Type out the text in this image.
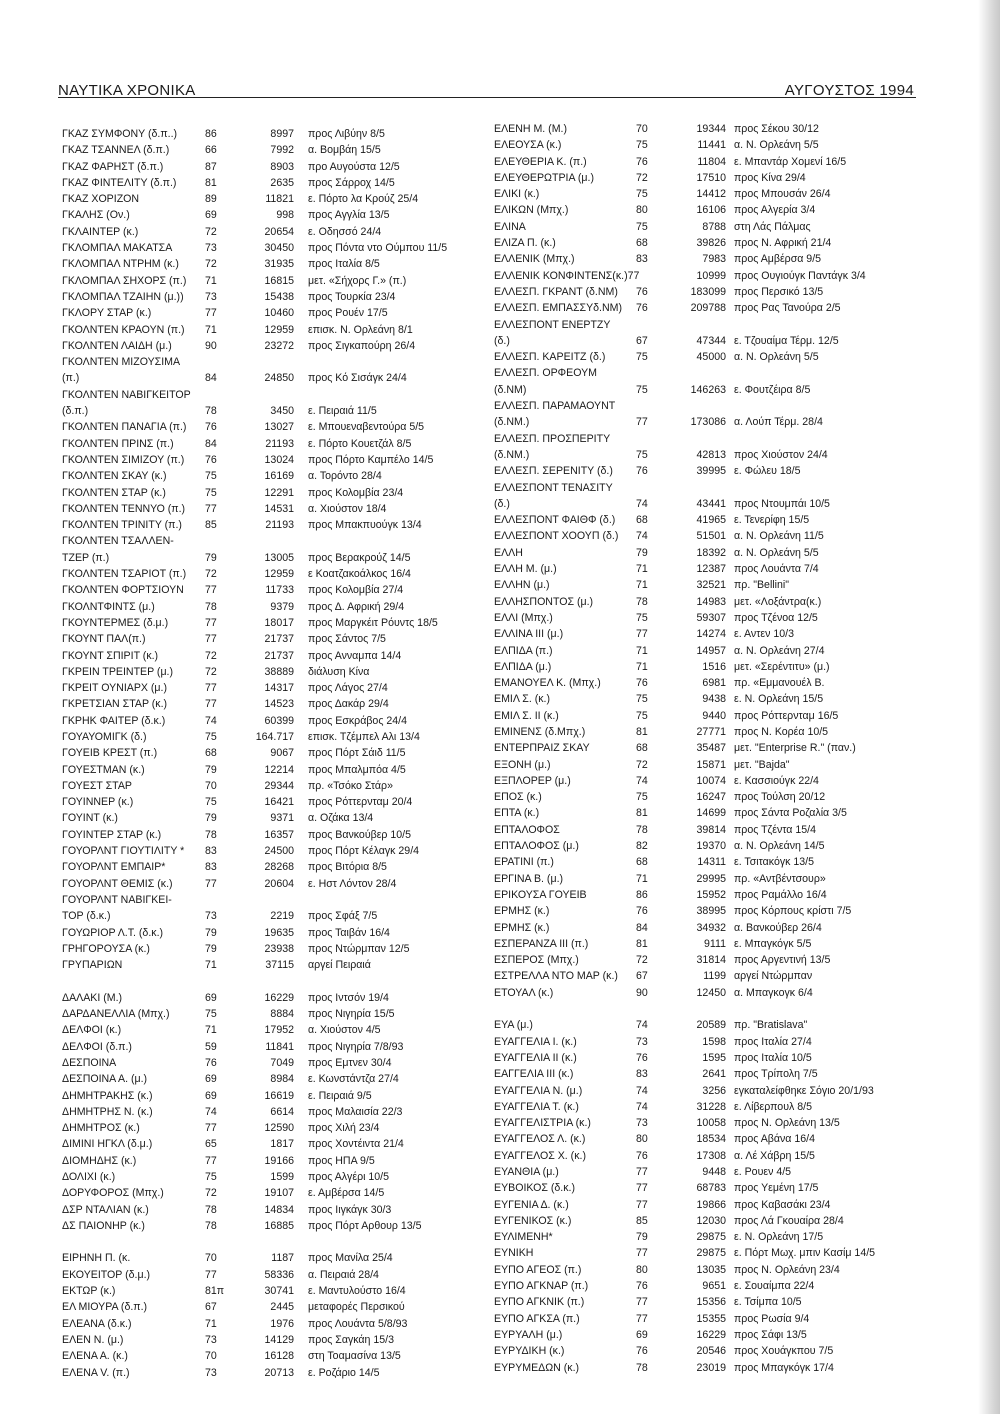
ΝΑΥΤΙΚΑ ΧΡΟΝΙΚΑ	ΑΥΓΟΥΣΤΟΣ 1994
ΓΚΑΖ ΣΥΜΦΟΝΥ (δ.π..)	86	8997 προς Λιβύην 8/5
ΓΚΑΖ ΤΣΑΝΝΕΛ (δ.π.)	66	7992 α. Βομβάη 15/5
ΓΚΑΖ ΦΑΡΗΣΤ (δ.π.)	87	8903 προ Αυγούστα 12/5
ΓΚΑΖ ΦΙΝΤΕΛΙΤΥ (δ.π.)	81	2635 προς Σάρροχ 14/5
ΓΚΑΖ ΧΟΡΙΖΟΝ	89	11821 ε. Πόρτο λα Κρούζ 25/4
ΓΚΑΛΗΣ (Ον.)	69	998 προς Αγγλία 13/5
ΓΚΛΑΙΝΤΕΡ (κ.)	72	20654 ε. Οδησσό 24/4
ΓΚΛΟΜΠΑΛ ΜΑΚΑΤΣΑ	73	30450 προς Πόντα ντο Ούμπου 11/5
ΓΚΛΟΜΠΑΛ ΝΤΡΗΜ (κ.) 72	31935 προς Ιταλία 8/5
ΓΚΛΟΜΠΑΛ ΣΗΧΟΡΣ (π.) 71	16815 μετ. «Σήχορς Γ.» (π.)
ΓΚΛΟΜΠΑΛ ΤΖΑΙΗΝ (μ.)) 73	15438 προς Τουρκία 23/4
ΓΚΛΟΡΥ ΣΤΑΡ (κ.)	77	10460 προς Ρουέν 17/5
ΓΚΟΛΝΤΕΝ ΚΡΑΟΥΝ (π.) 71	12959 επισκ. Ν. Ορλεάνη 8/1
ΓΚΟΛΝΤΕΝ ΛΑΙΔΗ (μ.)	90	23272 προς Σιγκαπούρη 26/4
ΓΚΟΛΝΤΕΝ ΜΙΖΟΥΣΙΜΑ
(π.)	84	24850 προς Κό Σισάγκ 24/4
ΓΚΟΛΝΤΕΝ ΝΑΒΙΓΚΕΙΤΟΡ
(δ.π.)	78	3450 ε. Πειραιά 11/5
ΓΚΟΛΝΤΕΝ ΠΑΝΑΓΙΑ (π.) 76	13027 ε. Μπουεναβεντούρα 5/5
ΓΚΟΛΝΤΕΝ ΠΡΙΝΣ (π.)	84	21193 ε. Πόρτο Κουετζάλ 8/5
ΓΚΟΛΝΤΕΝ ΣΙΜΙΖΟΥ (π.) 76	13024 προς Πόρτο Καμπέλο 14/5
ΓΚΟΛΝΤΕΝ ΣΚΑΥ (κ.)	75	16169 α. Τορόντο 28/4
ΓΚΟΛΝΤΕΝ ΣΤΑΡ (κ.)	75	12291 προς Κολομβία 23/4
ΓΚΟΛΝΤΕΝ ΤΕΝΝΥΟ (π.) 77	14531 α. Χιούστον 18/4
ΓΚΟΛΝΤΕΝ ΤΡΙΝΙΤΥ (π.) 85	21193 προς Μπακπυούγκ 13/4
ΓΚΟΛΝΤΕΝ ΤΣΑΛΛΕΝ-
ΤΖΕΡ (π.)	79	13005 προς Βερακρούζ 14/5
ΓΚΟΛΝΤΕΝ ΤΣΑΡΙΟΤ (π.) 72	12959 ε Κοατζακοάλκος 16/4
ΓΚΟΛΝΤΕΝ ΦΟΡΤΣΙΟΥΝ 77	11733 προς Κολομβία 27/4
ΓΚΟΛΝΤΦΙΝΤΣ (μ.)	78	9379 προς Δ. Αφρική 29/4
ΓΚΟΥΝΤΕΡΜΕΣ (δ.μ.)	77	18017 προς Μαργκέιτ Ρόυντς 18/5
ΓΚΟΥΝΤ ΠΑΛ(π.)	77	21737 προς Σάντος 7/5
ΓΚΟΥΝΤ ΣΠΙΡΙΤ (κ.)	72	21737 προς Ανναμπα 14/4
ΓΚΡΕΙΝ ΤΡΕΙΝΤΕΡ (μ.)	72	38889 διάλυση Κίνα
ΓΚΡΕΙΤ ΟΥΝΙΑΡΧ (μ.)	77	14317 προς Λάγος 27/4
ΓΚΡΕΤΣΙΑΝ ΣΤΑΡ (κ.)	77	14523 προς Δακάρ 29/4
ΓΚΡΗΚ ΦΑΙΤΕΡ (δ.κ.)	74	60399 προς Εσκράβος 24/4
ΓΟΥΑΥΟΜΙΓΚ (δ.)	75	164.717 επισκ. Τζέμπελ Αλι 13/4
ΓΟΥΕΙΒ ΚΡΕΣΤ (π.)	68	9067 προς Πόρτ Σάιδ 11/5
ΓΟΥΕΣΤΜΑΝ (κ.)	79	12214 προς Μπαλμπόα 4/5
ΓΟΥΕΣΤ ΣΤΑΡ	70	29344 πρ. «Τσόκο Στάρ»
ΓΟΥΙΝΝΕΡ (κ.)	75	16421 προς Ρόττερνταμ 20/4
ΓΟΥΙΝΤ (κ.)	79	9371 α. Οζάκα 13/4
ΓΟΥΙΝΤΕΡ ΣΤΑΡ (κ.)	78	16357 προς Βανκούβερ 10/5
ΓΟΥΟΡΛΝΤ ΓΙΟΥΤΙΛΙΤΥ * 83	24500 προς Πόρτ Κέλαγκ 29/4
ΓΟΥΟΡΛΝΤ ΕΜΠΑΙΡ*	83	28268 προς Βιτόρια 8/5
ΓΟΥΟΡΛΝΤ ΘΕΜΙΣ (κ.)	77	20604 ε. Ηστ Λόντον 28/4
ΓΟΥΟΡΛΝΤ ΝΑΒΙΓΚΕΙ-
ΤΟΡ (δ.κ.)	73	2219 προς Σφάξ 7/5
ΓΟΥΩΡΙΟΡ Λ.Τ. (δ.κ.)	79	19635 προς Ταιβάν 16/4
ΓΡΗΓΟΡΟΥΣΑ (κ.)	79	23938 προς Ντώρμπαν 12/5
ΓΡΥΠΑΡΙΩΝ	71	37115 αργεί Πειραιά
ΔΑΛΑΚΙ (Μ.)	69	16229 προς Ιντσόν 19/4
ΔΑΡΔΑΝΕΛΛΙΑ (Μπχ.)	75	8884 προς Νιγηρία 15/5
ΔΕΛΦΟΙ (κ.)	71	17952 α. Χιούστον 4/5
ΔΕΛΦΟΙ (δ.π.)	59	11841 προς Νιγηρία 7/8/93
ΔΕΣΠΟΙΝΑ	76	7049 προς Εμτνεν 30/4
ΔΕΣΠΟΙΝΑ Α. (μ.)	69	8984 ε. Κωνστάντζα 27/4
ΔΗΜΗΤΡΑΚΗΣ (κ.)	69	16619 ε. Πειραιά 9/5
ΔΗΜΗΤΡΗΣ Ν. (κ.)	74	6614 προς Μαλαισία 22/3
ΔΗΜΗΤΡΟΣ (κ.)	77	12590 προς Χιλή 23/4
ΔΙΜΙΝΙ ΗΓΚΛ (δ.μ.)	65	1817 προς Χοντέιντα 21/4
ΔΙΟΜΗΔΗΣ (κ.)	77	19166 προς ΗΠΑ 9/5
ΔΟΛΙΧΙ (κ.)	75	1599 προς Αλγέρι 10/5
ΔΟΡΥΦΟΡΟΣ (Μπχ.)	72	19107 ε. Αμβέρσα 14/5
ΔΣΡ ΝΤΑΛΙΑΝ (κ.)	78	14834 προς Ιιγκάγκ 30/3
ΔΣ ΠΑΙΟΝΗΡ (κ.)	78	16885 προς Πόρτ Αρθουρ 13/5
ΕΙΡΗΝΗ Π. (κ.	70	1187 προς Μανίλα 25/4
ΕΚΟΥΕΙΤΟΡ (δ.μ.)	77	58336 α. Πειραιά 28/4
ΕΚΤΩΡ (κ.)	81π	30741 ε. Μαντυλούστο 16/4
ΕΛ ΜΙΟΥΡΑ (δ.π.)	67	2445 μεταφορές Περσικού
ΕΛΕΑΝΑ (δ.κ.)	71	1976 προς Λουάντα 5/8/93
ΕΛΕΝ Ν. (μ.)	73	14129 προς Σαγκάη 15/3
ΕΛΕΝΑ Α. (κ.)	70	16128 στη Τοαμασίνα 13/5
ΕΛΕΝΑ V. (π.)	73	20713 ε. Ροζάριο 14/5
ΕΛΕΝΗ Μ. (Μ.)	70	19344 προς Σέκου 30/12
ΕΛΕΟΥΣΑ (κ.)	75	11441 α. Ν. Ορλεάνη 5/5
ΕΛΕΥΘΕΡΙΑ Κ. (π.)	76	11804 ε. Μπαντάρ Χομενί 16/5
ΕΛΕΥΘΕΡΩΤΡΙΑ (μ.)	72	17510 προς Κίνα 29/4
ΕΛΙΚΙ (κ.)	75	14412 προς Μπουσάν 26/4
ΕΛΙΚΩΝ (Μπχ.)	80	16106 προς Αλγερία 3/4
ΕΛΙΝΑ	75	8788 στη Λάς Πάλμας
ΕΛΙΖΑ Π. (κ.)	68	39826 προς Ν. Αφρική 21/4
ΕΛΛΕΝΙΚ (Μπχ.)	83	7983 προς Αμβέρσα 9/5
ΕΛΛΕΝΙΚ ΚΟΝΦΙΝΤΕΝΣ(κ.)77	10999 προς Ουγιούγκ Παντάγκ 3/4
ΕΛΛΕΣΠ. ΓΚΡΑΝΤ (δ.ΝΜ) 76	183099 προς Περσικό 13/5
ΕΛΛΕΣΠ. ΕΜΠΑΣΣΥδ.ΝΜ) 76	209788 προς Ρας Τανούρα 2/5
ΕΛΛΕΣΠΟΝΤ ΕΝΕΡΤΖΥ
(δ.)	67	47344 ε. Τζουαίμα Τέρμ. 12/5
ΕΛΛΕΣΠ. ΚΑΡΕΙΤΖ (δ.)	75	45000 α. Ν. Ορλεάνη 5/5
ΕΛΛΕΣΠ. ΟΡΦΕΟΥΜ
(δ.ΝΜ)	75	146263 ε. Φουτζέιρα 8/5
ΕΛΛΕΣΠ. ΠΑΡΑΜΑΟΥΝΤ
(δ.ΝΜ.)	77	173086 α. Λούπ Τέρμ. 28/4
ΕΛΛΕΣΠ. ΠΡΟΣΠΕΡΙΤΥ
(δ.ΝΜ.)	75	42813 προς Χιούστον 24/4
ΕΛΛΕΣΠ. ΣΕΡΕΝΙΤΥ (δ.) 76	39995 ε. Φώλευ 18/5
ΕΛΛΕΣΠΟΝΤ ΤΕΝΑΣΙΤΥ
(δ.)	74	43441 προς Ντουμπάι 10/5
ΕΛΛΕΣΠΟΝΤ ΦΑΙΘΦ (δ.) 68	41965 ε. Τενερίφη 15/5
ΕΛΛΕΣΠΟΝΤ ΧΟΟΥΠ (δ.) 74	51501 α. Ν. Ορλεάνη 11/5
ΕΛΛΗ	79	18392 α. Ν. Ορλεάνη 5/5
ΕΛΛΗ Μ. (μ.)	71	12387 προς Λουάντα 7/4
ΕΛΛΗΝ (μ.)	71	32521 πρ. "Bellini"
ΕΛΛΗΣΠΟΝΤΟΣ (μ.)	78	14983 μετ. «Λοξάντρα(κ.)
ΕΛΛΙ (Μπχ.)	75	59307 προς Τζένοα 12/5
ΕΛΛΙΝΑ III (μ.)	77	14274 ε. Αντεν 10/3
ΕΛΠΙΔΑ (π.)	71	14957 α. Ν. Ορλεάνη 27/4
ΕΛΠΙΔΑ (μ.)	71	1516 μετ. «Σερέντιτυ» (μ.)
ΕΜΑΝΟΥΕΛ Κ. (Μπχ.)	76	6981 πρ. «Εμμανουέλ Β.
ΕΜΙΛ Σ. (κ.)	75	9438 ε. Ν. Ορλεάνη 15/5
ΕΜΙΛ Σ. II (κ.)	75	9440 προς Ρόττερνταμ 16/5
ΕΜΙΝΕΝΣ (δ.Μπχ.)	81	27771 προς Ν. Κορέα 10/5
ΕΝΤΕΡΠΡΑΙΖ ΣΚΑΥ	68	35487 μετ. "Enterprise R." (παν.)
ΕΞΟΝΗ (μ.)	72	15871 μετ. "Bajda"
ΕΞΠΛΟΡΕΡ (μ.)	74	10074 ε. Κασσιούγκ 22/4
ΕΠΟΣ (κ.)	75	16247 προς Τούλση 20/12
ΕΠΤΑ (κ.)	81	14699 προς Σάντα Ροζαλία 3/5
ΕΠΤΑΛΟΦΟΣ	78	39814 προς Τζέντα 15/4
ΕΠΤΑΛΟΦΟΣ (μ.)	82	19370 α. Ν. Ορλεάνη 14/5
ΕΡΑΤΙΝΙ (π.)	68	14311 ε. Τσιτακόγκ 13/5
ΕΡΓΙΝΑ Β. (μ.)	71	29995 πρ. «Αντβέντσουρ»
ΕΡΙΚΟΥΣΑ ΓΟΥΕΙΒ	86	15952 προς Ραμάλλο 16/4
ΕΡΜΗΣ (κ.)	76	38995 προς Κόρπους κρίστι 7/5
ΕΡΜΗΣ (κ.)	84	34932 α. Βανκούβερ 26/4
ΕΣΠΕΡΑΝΖΑ III (π.)	81	9111 ε. Μπαγκόγκ 5/5
ΕΣΠΕΡΟΣ (Μπχ.)	72	31814 προς Αργεντινή 13/5
ΕΣΤΡΕΛΛΑ ΝΤΟ ΜΑΡ (κ.) 67	1199 αργεί Ντώρμπαν
ΕΤΟΥΑΛ (κ.)	90	12450 α. Μπαγκογκ 6/4
ΕΥΑ (μ.)	74	20589 πρ. "Bratislava"
ΕΥΑΓΓΕΛΙΑ Ι. (κ.)	73	1598 προς Ιταλία 27/4
ΕΥΑΓΓΕΛΙΑ ΙΙ (κ.)	76	1595 προς Ιταλία 10/5
ΕΑΓΓΕΛΙΑ ΙΙΙ (κ.)	83	2641 προς Τρίπολη 7/5
ΕΥΑΓΓΕΛΙΑ Ν. (μ.)	74	3256 εγκαταλείφθηκε Σόγιο 20/1/93
ΕΥΑΓΓΕΛΙΑ Τ. (κ.)	74	31228 ε. Λίβερπουλ 8/5
ΕΥΑΓΓΕΛΙΣΤΡΙΑ (κ.)	73	10058 προς Ν. Ορλεάνη 13/5
ΕΥΑΓΓΕΛΟΣ Λ. (κ.)	80	18534 προς Αβάνα 16/4
ΕΥΑΓΓΕΛΟΣ Χ. (κ.)	76	17308 α. Λέ Χάβρη 15/5
ΕΥΑΝΘΙΑ (μ.)	77	9448 ε. Ρουεν 4/5
ΕΥΒΟΙΚΟΣ (δ.κ.)	77	68783 προς Υεμένη 17/5
ΕΥΓΕΝΙΑ Δ. (κ.)	77	19866 προς Καβασάκι 23/4
ΕΥΓΕΝΙΚΟΣ (κ.)	85	12030 προς Λά Γκουαίρα 28/4
ΕΥΛΙΜΕΝΗ*	79	29875 ε. Ν. Ορλεάνη 17/5
ΕΥΝΙΚΗ	77	29875 ε. Πόρτ Μωχ. μπιν Κασίμ 14/5
ΕΥΠΟ ΑΓΕΟΣ (π.)	80	13035 προς Ν. Ορλεάνη 23/4
ΕΥΠΟ ΑΓΚΝΑΡ (π.)	76	9651 ε. Σουαίμπα 22/4
ΕΥΠΟ ΑΓΚΝΙΚ (π.)	77	15356 ε. Τσίμπα 10/5
ΕΥΠΟ ΑΓΚΣΑ (π.)	77	15355 προς Ρωσία 9/4
ΕΥΡΥΑΛΗ (μ.)	69	16229 προς Σάφι 13/5
ΕΥΡΥΔΙΚΗ (κ.)	76	20546 προς Χουάγκπου 7/5
ΕΥΡΥΜΕΔΩΝ (κ.)	78	23019 προς Μπαγκόγκ 17/4
